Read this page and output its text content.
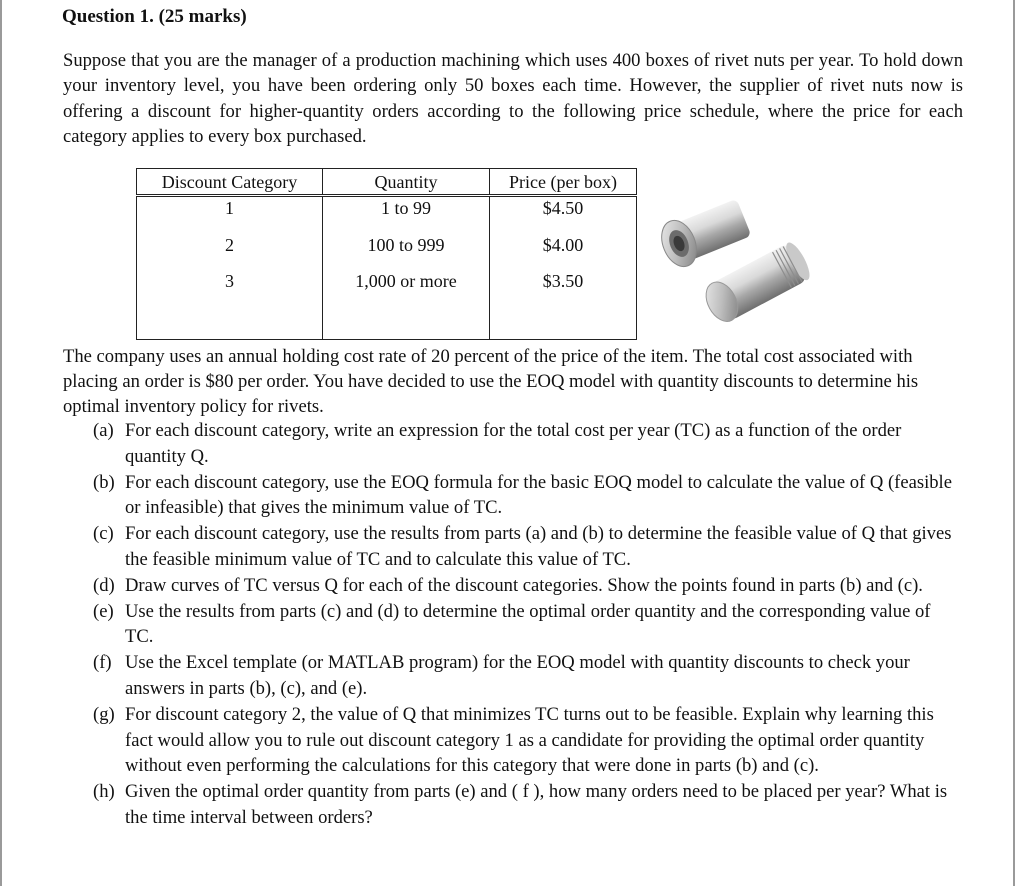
Question 1. (25 marks)

Suppose that you are the manager of a production machining which uses 400 boxes of rivet nuts per year. To hold down your inventory level, you have been ordering only 50 boxes each time. However, the supplier of rivet nuts now is offering a discount for higher-quantity orders according to the following price schedule, where the price for each category applies to every box purchased.

Discount Category	Quantity	Price (per box)
1	1 to 99	$4.50
2	100 to 999	$4.00
3	1,000 or more	$3.50

The company uses an annual holding cost rate of 20 percent of the price of the item. The total cost associated with placing an order is $80 per order. You have decided to use the EOQ model with quantity discounts to determine his optimal inventory policy for rivets.

(a) For each discount category, write an expression for the total cost per year (TC) as a function of the order quantity Q.
(b) For each discount category, use the EOQ formula for the basic EOQ model to calculate the value of Q (feasible or infeasible) that gives the minimum value of TC.
(c) For each discount category, use the results from parts (a) and (b) to determine the feasible value of Q that gives the feasible minimum value of TC and to calculate this value of TC.
(d) Draw curves of TC versus Q for each of the discount categories. Show the points found in parts (b) and (c).
(e) Use the results from parts (c) and (d) to determine the optimal order quantity and the corresponding value of TC.
(f) Use the Excel template (or MATLAB program) for the EOQ model with quantity discounts to check your answers in parts (b), (c), and (e).
(g) For discount category 2, the value of Q that minimizes TC turns out to be feasible. Explain why learning this fact would allow you to rule out discount category 1 as a candidate for providing the optimal order quantity without even performing the calculations for this category that were done in parts (b) and (c).
(h) Given the optimal order quantity from parts (e) and ( f ), how many orders need to be placed per year? What is the time interval between orders?
